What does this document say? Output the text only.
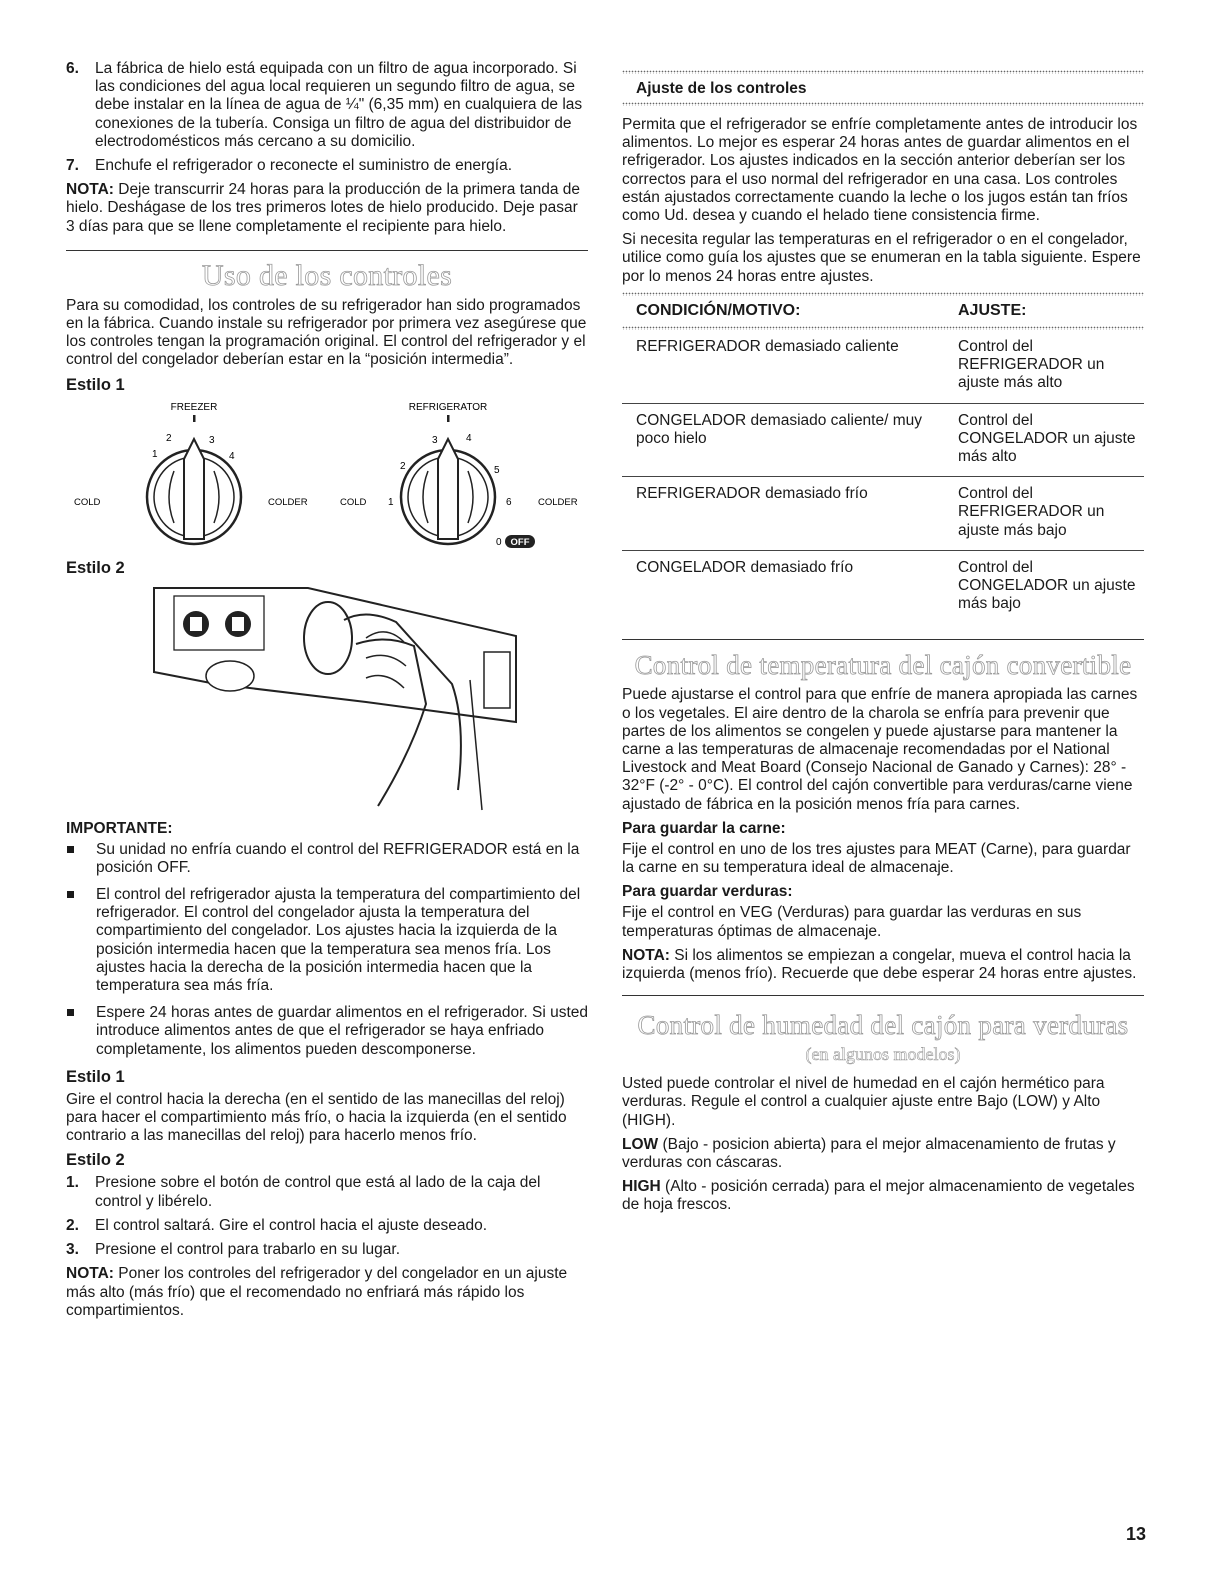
6.	La fábrica de hielo está equipada con un filtro de agua incorporado. Si las condiciones del agua local requieren un segundo filtro de agua, se debe instalar en la línea de agua de ¼" (6,35 mm) en cualquiera de las conexiones de la tubería. Consiga un filtro de agua del distribuidor de electrodomésticos más cercano a su domicilio.
7.	Enchufe el refrigerador o reconecte el suministro de energía.

NOTA: Deje transcurrir 24 horas para la producción de la primera tanda de hielo. Deshágase de los tres primeros lotes de hielo producido. Deje pasar 3 días para que se llene completamente el recipiente para hielo.

Uso de los controles

Para su comodidad, los controles de su refrigerador han sido programados en la fábrica. Cuando instale su refrigerador por primera vez asegúrese que los controles tengan la programación original. El control del refrigerador y el control del congelador deberían estar en la “posición intermedia”.

Estilo 1
FREEZER
1
2	3
4
COLD	COLDER
REFRIGERATOR
1
2
3	4
5
6
0 OFF
COLD	COLDER
Estilo 2
IMPORTANTE:
Su unidad no enfría cuando el control del REFRIGERADOR está en la posición OFF.
El control del refrigerador ajusta la temperatura del compartimiento del refrigerador. El control del congelador ajusta la temperatura del compartimiento del congelador. Los ajustes hacia la izquierda de la posición intermedia hacen que la temperatura sea menos fría. Los ajustes hacia la derecha de la posición intermedia hacen que la temperatura sea más fría.
Espere 24 horas antes de guardar alimentos en el refrigerador. Si usted introduce alimentos antes de que el refrigerador se haya enfriado completamente, los alimentos pueden descomponerse.
Estilo 1

Gire el control hacia la derecha (en el sentido de las manecillas del reloj) para hacer el compartimiento más frío, o hacia la izquierda (en el sentido contrario a las manecillas del reloj) para hacerlo menos frío.

Estilo 2
1.	Presione sobre el botón de control que está al lado de la caja del control y libérelo.
2.	El control saltará. Gire el control hacia el ajuste deseado.
3.	Presione el control para trabarlo en su lugar.

NOTA: Poner los controles del refrigerador y del congelador en un ajuste más alto (más frío) que el recomendado no enfriará más rápido los compartimientos.

Ajuste de los controles

Permita que el refrigerador se enfríe completamente antes de introducir los alimentos. Lo mejor es esperar 24 horas antes de guardar alimentos en el refrigerador. Los ajustes indicados en la sección anterior deberían ser los correctos para el uso normal del refrigerador en una casa. Los controles están ajustados correctamente cuando la leche o los jugos están tan fríos como Ud. desea y cuando el helado tiene consistencia firme.

Si necesita regular las temperaturas en el refrigerador o en el congelador, utilice como guía los ajustes que se enumeran en la tabla siguiente. Espere por lo menos 24 horas entre ajustes.

CONDICIÓN/MOTIVO:	AJUSTE:

REFRIGERADOR demasiado caliente	Control del REFRIGERADOR un ajuste más alto
CONGELADOR demasiado caliente/ muy poco hielo	Control del CONGELADOR un ajuste más alto
REFRIGERADOR demasiado frío	Control del REFRIGERADOR un ajuste más bajo
CONGELADOR demasiado frío	Control del CONGELADOR un ajuste más bajo
Control de temperatura del cajón convertible

Puede ajustarse el control para que enfríe de manera apropiada las carnes o los vegetales. El aire dentro de la charola se enfría para prevenir que partes de los alimentos se congelen y puede ajustarse para mantener la carne a las temperaturas de almacenaje recomendadas por el National Livestock and Meat Board (Consejo Nacional de Ganado y Carnes): 28° - 32°F (-2° - 0°C). El control del cajón convertible para verduras/carne viene ajustado de fábrica en la posición menos fría para carnes.

Para guardar la carne:

Fije el control en uno de los tres ajustes para MEAT (Carne), para guardar la carne en su temperatura ideal de almacenaje.

Para guardar verduras:

Fije el control en VEG (Verduras) para guardar las verduras en sus temperaturas óptimas de almacenaje.

NOTA: Si los alimentos se empiezan a congelar, mueva el control hacia la izquierda (menos frío). Recuerde que debe esperar 24 horas entre ajustes.

Control de humedad del cajón para verduras
(en algunos modelos)

Usted puede controlar el nivel de humedad en el cajón hermético para verduras. Regule el control a cualquier ajuste entre Bajo (LOW) y Alto (HIGH).

LOW (Bajo - posicion abierta) para el mejor almacenamiento de frutas y verduras con cáscaras.

HIGH (Alto - posición cerrada) para el mejor almacenamiento de vegetales de hoja frescos.

13
